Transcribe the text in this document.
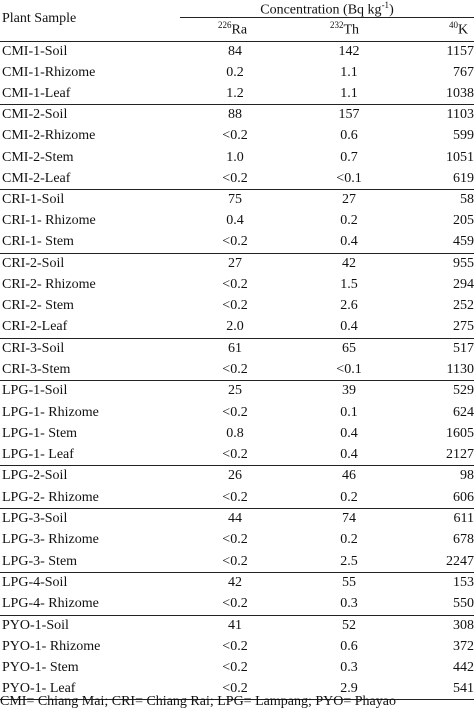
Plant Sample
Concentration (Bq $kg^{-1}$)
$^{226}$Ra	$^{232}$Th	$^{40}$K
CMI-1-Soil	84	142	1157
CMI-1-Rhizome	0.2	1.1	767
CMI-1-Leaf	1.2	1.1	1038
CMI-2-Soil	88	157	1103
CMI-2-Rhizome	<0.2	0.6	599
CMI-2-Stem	1.0	0.7	1051
CMI-2-Leaf	<0.2	<0.1	619
CRI-1-Soil	75	27	58
CRI-1- Rhizome	0.4	0.2	205
CRI-1- Stem	<0.2	0.4	459
CRI-2-Soil	27	42	955
CRI-2- Rhizome	<0.2	1.5	294
CRI-2- Stem	<0.2	2.6	252
CRI-2-Leaf	2.0	0.4	275
CRI-3-Soil	61	65	517
CRI-3-Stem	<0.2	<0.1	1130
LPG-1-Soil	25	39	529
LPG-1- Rhizome	<0.2	0.1	624
LPG-1- Stem	0.8	0.4	1605
LPG-1- Leaf	<0.2	0.4	2127
LPG-2-Soil	26	46	98
LPG-2- Rhizome	<0.2	0.2	606
LPG-3-Soil	44	74	611
LPG-3- Rhizome	<0.2	0.2	678
LPG-3- Stem	<0.2	2.5	2247
LPG-4-Soil	42	55	153
LPG-4- Rhizome	<0.2	0.3	550
PYO-1-Soil	41	52	308
PYO-1- Rhizome	<0.2	0.6	372
PYO-1- Stem	<0.2	0.3	442
PYO-1- Leaf	<0.2	2.9	541
CMI= Chiang Mai; CRI= Chiang Rai; LPG= Lampang; PYO= Phayao
